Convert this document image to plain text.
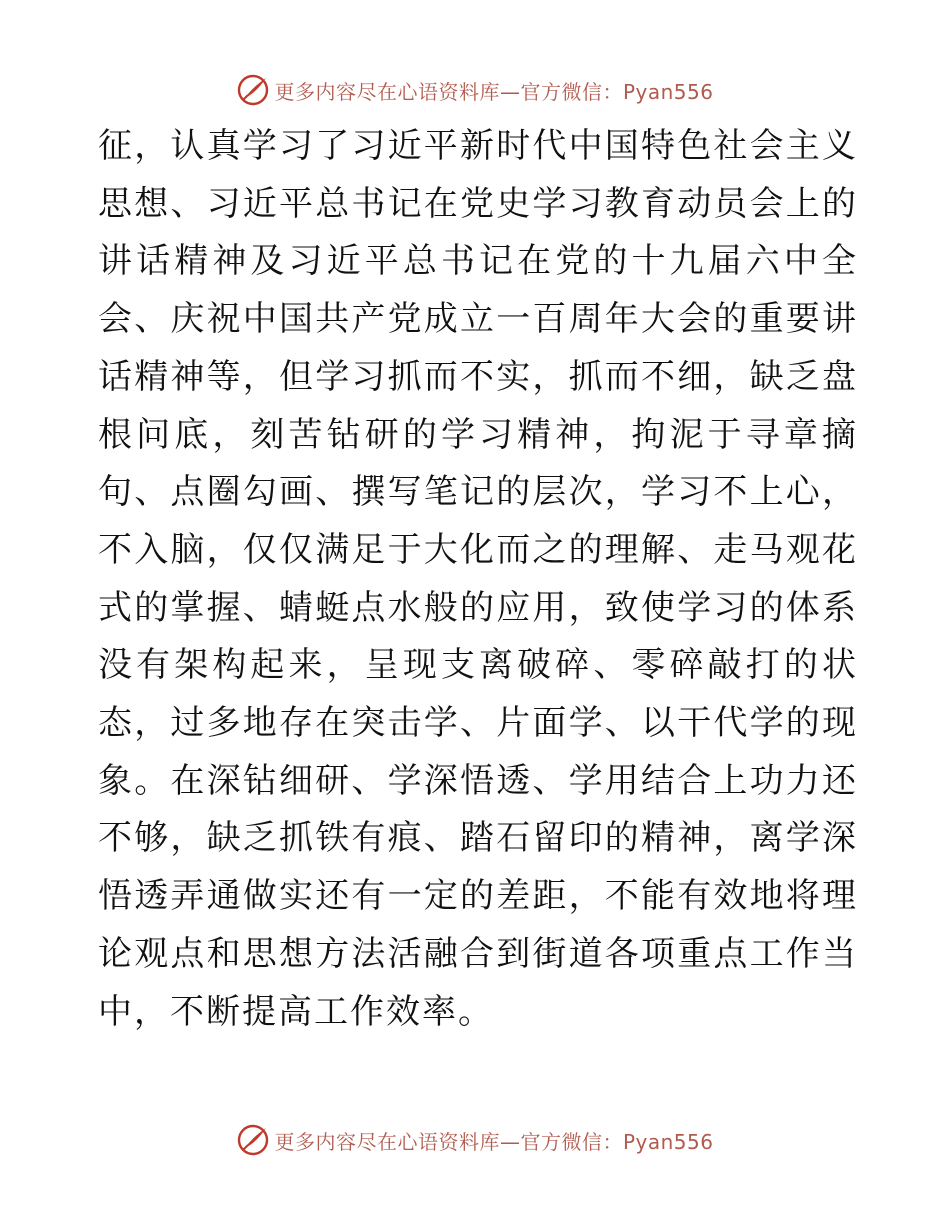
更多内容尽在心语资料库—官方微信：Pyan556

征，认真学习了习近平新时代中国特色社会主义思想、习近平总书记在党史学习教育动员会上的讲话精神及习近平总书记在党的十九届六中全会、庆祝中国共产党成立一百周年大会的重要讲话精神等，但学习抓而不实，抓而不细，缺乏盘根问底，刻苦钻研的学习精神，拘泥于寻章摘句、点圈勾画、撰写笔记的层次，学习不上心，不入脑，仅仅满足于大化而之的理解、走马观花式的掌握、蜻蜓点水般的应用，致使学习的体系没有架构起来，呈现支离破碎、零碎敲打的状态，过多地存在突击学、片面学、以干代学的现象。在深钻细研、学深悟透、学用结合上功力还不够，缺乏抓铁有痕、踏石留印的精神，离学深悟透弄通做实还有一定的差距，不能有效地将理论观点和思想方法活融合到街道各项重点工作当中，不断提高工作效率。

更多内容尽在心语资料库—官方微信：Pyan556
